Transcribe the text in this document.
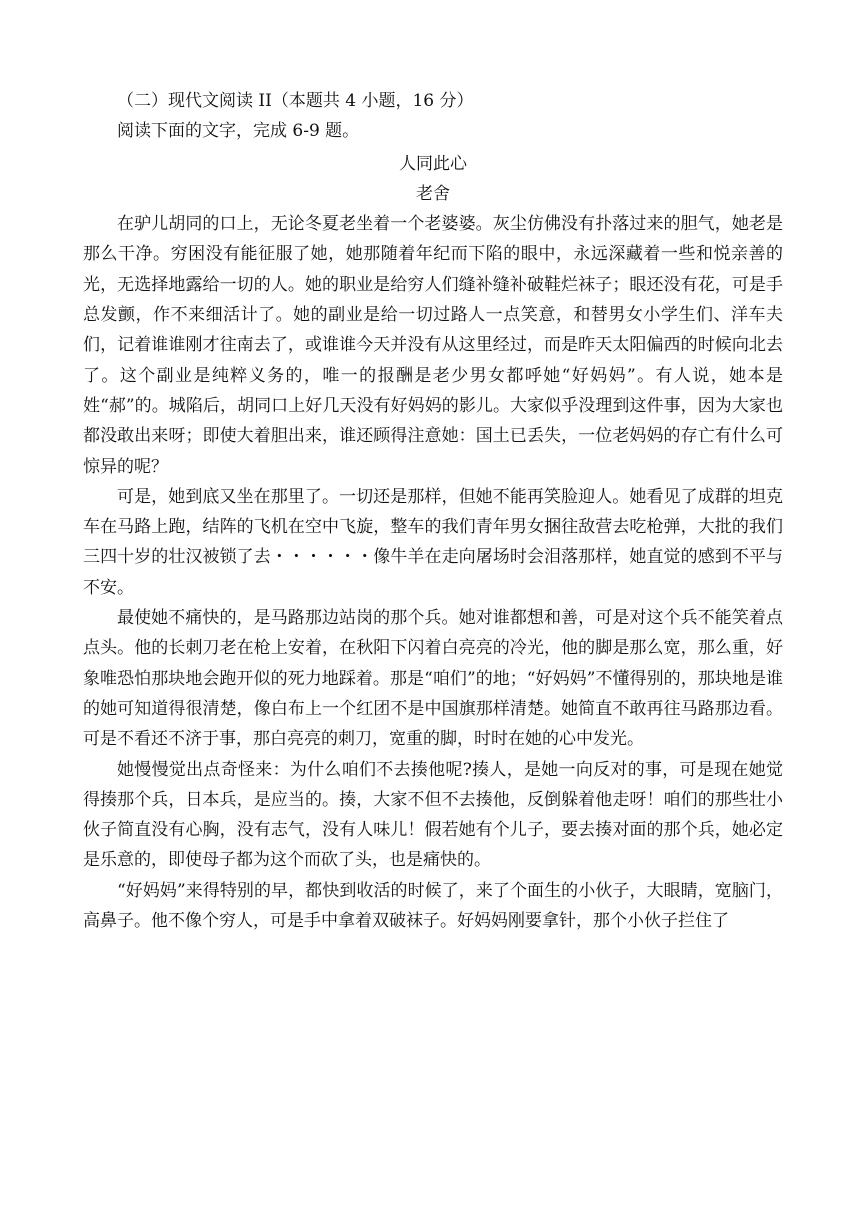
（二）现代文阅读 II（本题共 4 小题，16 分）

阅读下面的文字，完成 6-9 题。

人同此心

老舍

在驴儿胡同的口上，无论冬夏老坐着一个老婆婆。灰尘仿佛没有扑落过来的胆气，她老是那么干净。穷困没有能征服了她，她那随着年纪而下陷的眼中，永远深藏着一些和悦亲善的光，无选择地露给一切的人。她的职业是给穷人们缝补缝补破鞋烂袜子；眼还没有花，可是手总发颤，作不来细活计了。她的副业是给一切过路人一点笑意，和替男女小学生们、洋车夫们，记着谁谁刚才往南去了，或谁谁今天并没有从这里经过，而是昨天太阳偏西的时候向北去了。这个副业是纯粹义务的，唯一的报酬是老少男女都呼她“好妈妈”。有人说，她本是姓“郝”的。城陷后，胡同口上好几天没有好妈妈的影儿。大家似乎没理到这件事，因为大家也都没敢出来呀；即使大着胆出来，谁还顾得注意她：国土已丢失，一位老妈妈的存亡有什么可惊异的呢？

可是，她到底又坐在那里了。一切还是那样，但她不能再笑脸迎人。她看见了成群的坦克车在马路上跑，结阵的飞机在空中飞旋，整车的我们青年男女捆往敌营去吃枪弹，大批的我们三四十岁的壮汉被锁了去・・・・・・像牛羊在走向屠场时会泪落那样，她直觉的感到不平与不安。

最使她不痛快的，是马路那边站岗的那个兵。她对谁都想和善，可是对这个兵不能笑着点点头。他的长刺刀老在枪上安着，在秋阳下闪着白亮亮的冷光，他的脚是那么宽，那么重，好象唯恐怕那块地会跑开似的死力地踩着。那是“咱们”的地；“好妈妈”不懂得别的，那块地是谁的她可知道得很清楚，像白布上一个红团不是中国旗那样清楚。她简直不敢再往马路那边看。可是不看还不济于事，那白亮亮的刺刀，宽重的脚，时时在她的心中发光。

她慢慢觉出点奇怪来：为什么咱们不去揍他呢?揍人，是她一向反对的事，可是现在她觉得揍那个兵，日本兵，是应当的。揍，大家不但不去揍他，反倒躲着他走呀！咱们的那些壮小伙子简直没有心胸，没有志气，没有人味儿！假若她有个儿子，要去揍对面的那个兵，她必定是乐意的，即使母子都为这个而砍了头，也是痛快的。

“好妈妈”来得特别的早，都快到收活的时候了，来了个面生的小伙子，大眼睛，宽脑门，高鼻子。他不像个穷人，可是手中拿着双破袜子。好妈妈刚要拿针，那个小伙子拦住了
